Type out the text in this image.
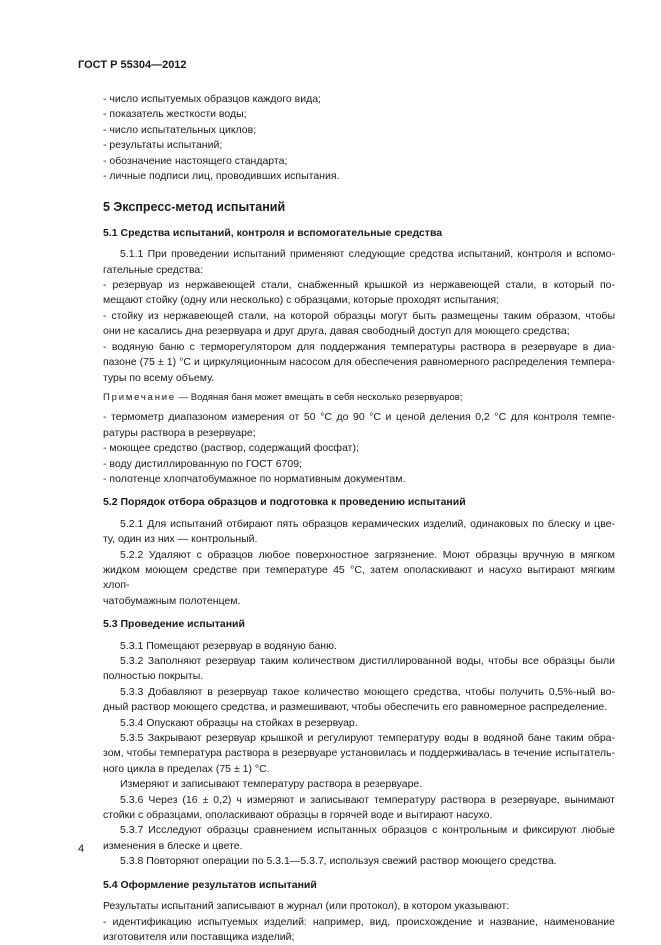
ГОСТ Р 55304—2012

- число испытуемых образцов каждого вида;

- показатель жесткости воды;

- число испытательных циклов;

- результаты испытаний;

- обозначение настоящего стандарта;

- личные подписи лиц, проводивших испытания.

5 Экспресс-метод испытаний

5.1 Средства испытаний, контроля и вспомогательные средства

5.1.1 При проведении испытаний применяют следующие средства испытаний, контроля и вспомо-

гательные средства:

- резервуар из нержавеющей стали, снабженный крышкой из нержавеющей стали, в который по-

мещают стойку (одну или несколько) с образцами, которые проходят испытания;

- стойку из нержавеющей стали, на которой образцы могут быть размещены таким образом, чтобы

они не касались дна резервуара и друг друга, давая свободный доступ для моющего средства;

- водяную баню с терморегулятором для поддержания температуры раствора в резервуаре в диа-

пазоне (75 ± 1) °С и циркуляционным насосом для обеспечения равномерного распределения темпера-

туры по всему объему.

Примечание — Водяная баня может вмещать в себя несколько резервуаров;

- термометр диапазоном измерения от 50 °С до 90 °С и ценой деления 0,2 °С для контроля темпе-

ратуры раствора в резервуаре;

- моющее средство (раствор, содержащий фосфат);

- воду дистиллированную по ГОСТ 6709;

- полотенце хлопчатобумажное по нормативным документам.

5.2 Порядок отбора образцов и подготовка к проведению испытаний

5.2.1 Для испытаний отбирают пять образцов керамических изделий, одинаковых по блеску и цве-

ту, один из них — контрольный.

5.2.2 Удаляют с образцов любое поверхностное загрязнение. Моют образцы вручную в мягком

жидком моющем средстве при температуре 45 °С, затем ополаскивают и насухо вытирают мягким хлоп-

чатобумажным полотенцем.

5.3 Проведение испытаний

5.3.1 Помещают резервуар в водяную баню.

5.3.2 Заполняют резервуар таким количеством дистиллированной воды, чтобы все образцы были

полностью покрыты.

5.3.3 Добавляют в резервуар такое количество моющего средства, чтобы получить 0,5%-ный во-

дный раствор моющего средства, и размешивают, чтобы обеспечить его равномерное распределение.

5.3.4 Опускают образцы на стойках в резервуар.

5.3.5 Закрывают резервуар крышкой и регулируют температуру воды в водяной бане таким обра-

зом, чтобы температура раствора в резервуаре установилась и поддерживалась в течение испытатель-

ного цикла в пределах (75 ± 1) °С.

Измеряют и записывают температуру раствора в резервуаре.

5.3.6 Через (16 ± 0,2) ч измеряют и записывают температуру раствора в резервуаре, вынимают

стойки с образцами, ополаскивают образцы в горячей воде и вытирают насухо.

5.3.7 Исследуют образцы сравнением испытанных образцов с контрольным и фиксируют любые

изменения в блеске и цвете.

5.3.8 Повторяют операции по 5.3.1—5.3.7, используя свежий раствор моющего средства.

5.4 Оформление результатов испытаний

Результаты испытаний записывают в журнал (или протокол), в котором указывают:

- идентификацию испытуемых изделий: например, вид, происхождение и название, наименование

изготовителя или поставщика изделий;

4
